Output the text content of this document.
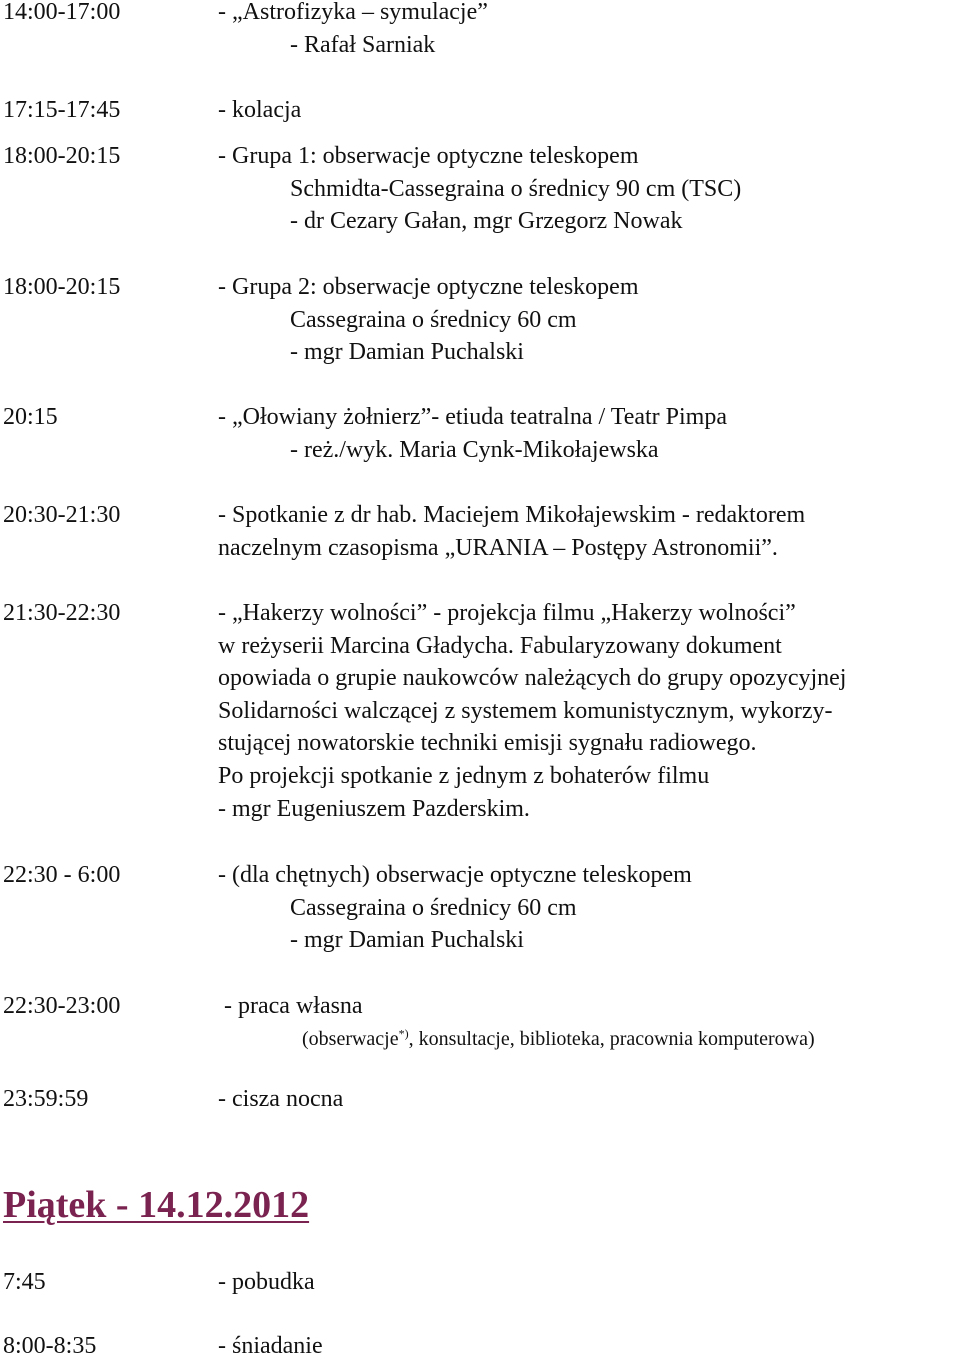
14:00-17:00	- „Astrofizyka – symulacje”
- Rafał Sarniak
17:15-17:45	- kolacja
18:00-20:15	- Grupa 1: obserwacje optyczne teleskopem
Schmidta-Cassegraina o średnicy 90 cm (TSC)
- dr Cezary Gałan, mgr Grzegorz Nowak
18:00-20:15	- Grupa 2: obserwacje optyczne teleskopem
Cassegraina o średnicy 60 cm
- mgr Damian Puchalski
20:15	- „Ołowiany żołnierz”- etiuda teatralna / Teatr Pimpa
- reż./wyk. Maria Cynk-Mikołajewska
20:30-21:30	- Spotkanie z dr hab. Maciejem Mikołajewskim - redaktorem
naczelnym czasopisma „URANIA – Postępy Astronomii”.
21:30-22:30	- „Hakerzy wolności” - projekcja filmu „Hakerzy wolności”
w reżyserii Marcina Gładycha. Fabularyzowany dokument
opowiada o grupie naukowców należących do grupy opozycyjnej
Solidarności walczącej z systemem komunistycznym, wykorzy-
stującej nowatorskie techniki emisji sygnału radiowego.
Po projekcji spotkanie z jednym z bohaterów filmu
- mgr Eugeniuszem Pazderskim.
22:30 - 6:00	- (dla chętnych) obserwacje optyczne teleskopem
Cassegraina o średnicy 60 cm
- mgr Damian Puchalski
22:30-23:00	- praca własna
(obserwacje*), konsultacje, biblioteka, pracownia komputerowa)
23:59:59	- cisza nocna
Piątek - 14.12.2012
7:45	- pobudka
8:00-8:35	- śniadanie
